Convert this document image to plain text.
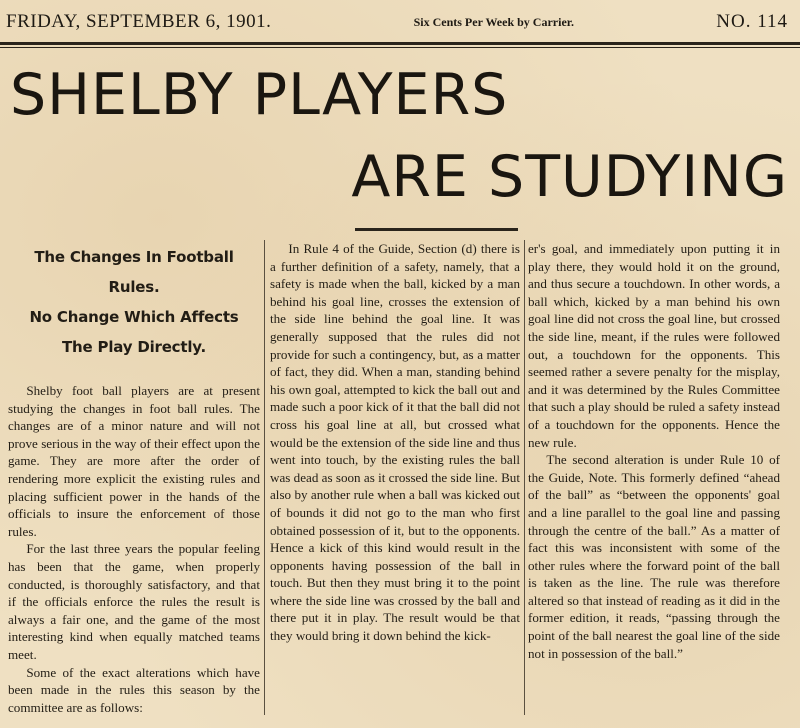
FRIDAY, SEPTEMBER 6, 1901.	Six Cents Per Week by Carrier.	NO. 114
SHELBY PLAYERS
ARE STUDYING
The Changes In Football Rules.
No Change Which Affects
The Play Directly.

Shelby foot ball players are at present studying the changes in foot ball rules. The changes are of a minor nature and will not prove serious in the way of their effect upon the game. They are more after the order of rendering more explicit the existing rules and placing sufficient power in the hands of the officials to insure the enforcement of those rules.

For the last three years the popular feeling has been that the game, when properly conducted, is thoroughly satisfactory, and that if the officials enforce the rules the result is always a fair one, and the game of the most interesting kind when equally matched teams meet.

Some of the exact alterations which have been made in the rules this season by the committee are as follows:

In Rule 4 of the Guide, Section (d) there is a further definition of a safety, namely, that a safety is made when the ball, kicked by a man behind his goal line, crosses the extension of the side line behind the goal line. It was generally supposed that the rules did not provide for such a contingency, but, as a matter of fact, they did. When a man, standing behind his own goal, attempted to kick the ball out and made such a poor kick of it that the ball did not cross his goal line at all, but crossed what would be the extension of the side line and thus went into touch, by the existing rules the ball was dead as soon as it crossed the side line. But also by another rule when a ball was kicked out of bounds it did not go to the man who first obtained possession of it, but to the opponents. Hence a kick of this kind would result in the opponents having possession of the ball in touch. But then they must bring it to the point where the side line was crossed by the ball and there put it in play. The result would be that they would bring it down behind the kick-

er's goal, and immediately upon putting it in play there, they would hold it on the ground, and thus secure a touchdown. In other words, a ball which, kicked by a man behind his own goal line did not cross the goal line, but crossed the side line, meant, if the rules were followed out, a touchdown for the opponents. This seemed rather a severe penalty for the misplay, and it was determined by the Rules Committee that such a play should be ruled a safety instead of a touchdown for the opponents. Hence the new rule.

The second alteration is under Rule 10 of the Guide, Note. This formerly defined “ahead of the ball” as “between the opponents' goal and a line parallel to the goal line and passing through the centre of the ball.” As a matter of fact this was inconsistent with some of the other rules where the forward point of the ball is taken as the line. The rule was therefore altered so that instead of reading as it did in the former edition, it reads, “passing through the point of the ball nearest the goal line of the side not in possession of the ball.”
